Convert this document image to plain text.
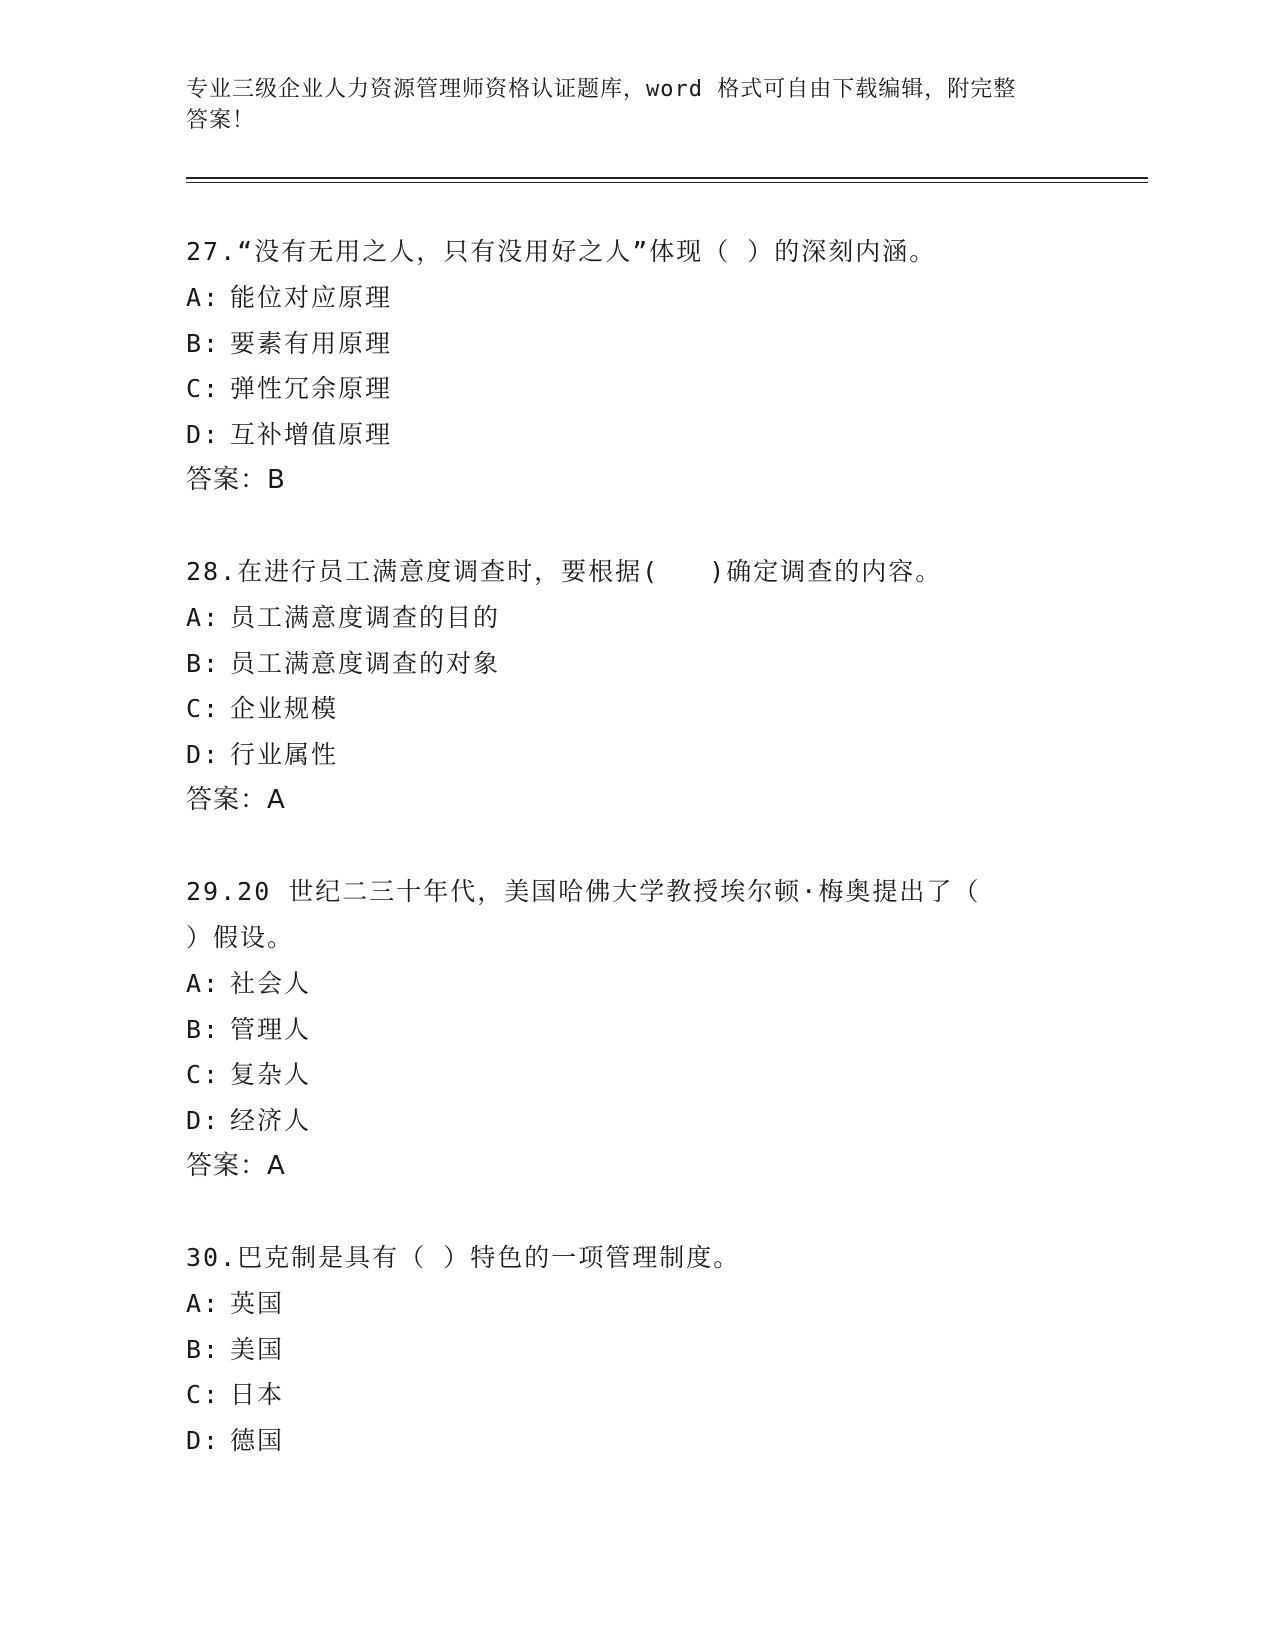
专业三级企业人力资源管理师资格认证题库，word 格式可自由下载编辑，附完整
答案！
27.“没有无用之人，只有没用好之人”体现（ ）的深刻内涵。
A: 能位对应原理
B: 要素有用原理
C: 弹性冗余原理
D: 互补增值原理
答案：B
28.在进行员工满意度调查时，要根据( )确定调查的内容。
A: 员工满意度调查的目的
B: 员工满意度调查的对象
C: 企业规模
D: 行业属性
答案：A
29.20 世纪二三十年代，美国哈佛大学教授埃尔顿·梅奥提出了（
）假设。
A: 社会人
B: 管理人
C: 复杂人
D: 经济人
答案：A
30.巴克制是具有（ ）特色的一项管理制度。
A: 英国
B: 美国
C: 日本
D: 德国
